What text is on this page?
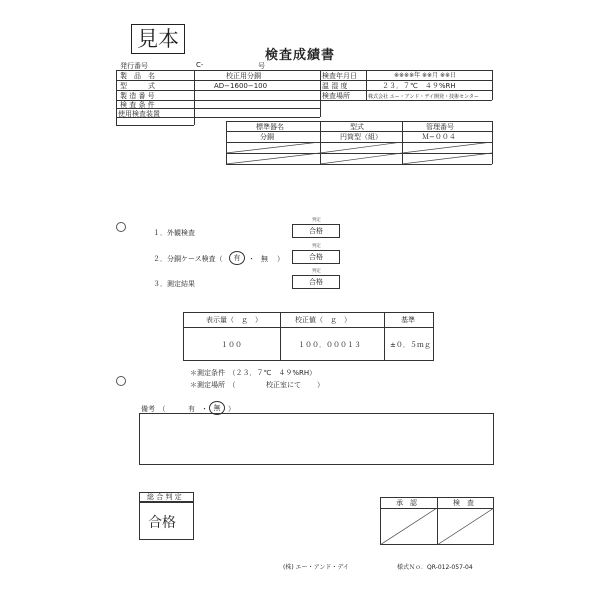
見本
検査成績書
発行番号	C-	号
製　品　名	校正用分銅
型　　　式	AD−1600−100
製 造 番 号
検 査 条 件
使用検査装置
検査年月日	※※※※年 ※※月 ※※日
温 湿 度	２３．７℃　４９%RH
検査場所	株式会社 エー・アンド・デイ開発・技術センター
標準器名	型式	管理番号
分銅	円筒型（組）	Ｍ−００４
１．外観検査
判定
合格
２．分銅ケース検査（	有	・ 無 ）
判定
合格
３．測定結果
判定
合格
表示量（　ｇ　）	校正値（　ｇ　）	基準
１００	１００．０００１３	±０．５ｍｇ
＊測定条件　（２３．７℃　４９%RH）
＊測定場所　（	校正室にて ）
備考　（	有 ・ 無	）
総 合 判 定
合格
承　認	検　査
(株) エー・アンド・デイ	様式Ｎｏ．QR-012-057-04
